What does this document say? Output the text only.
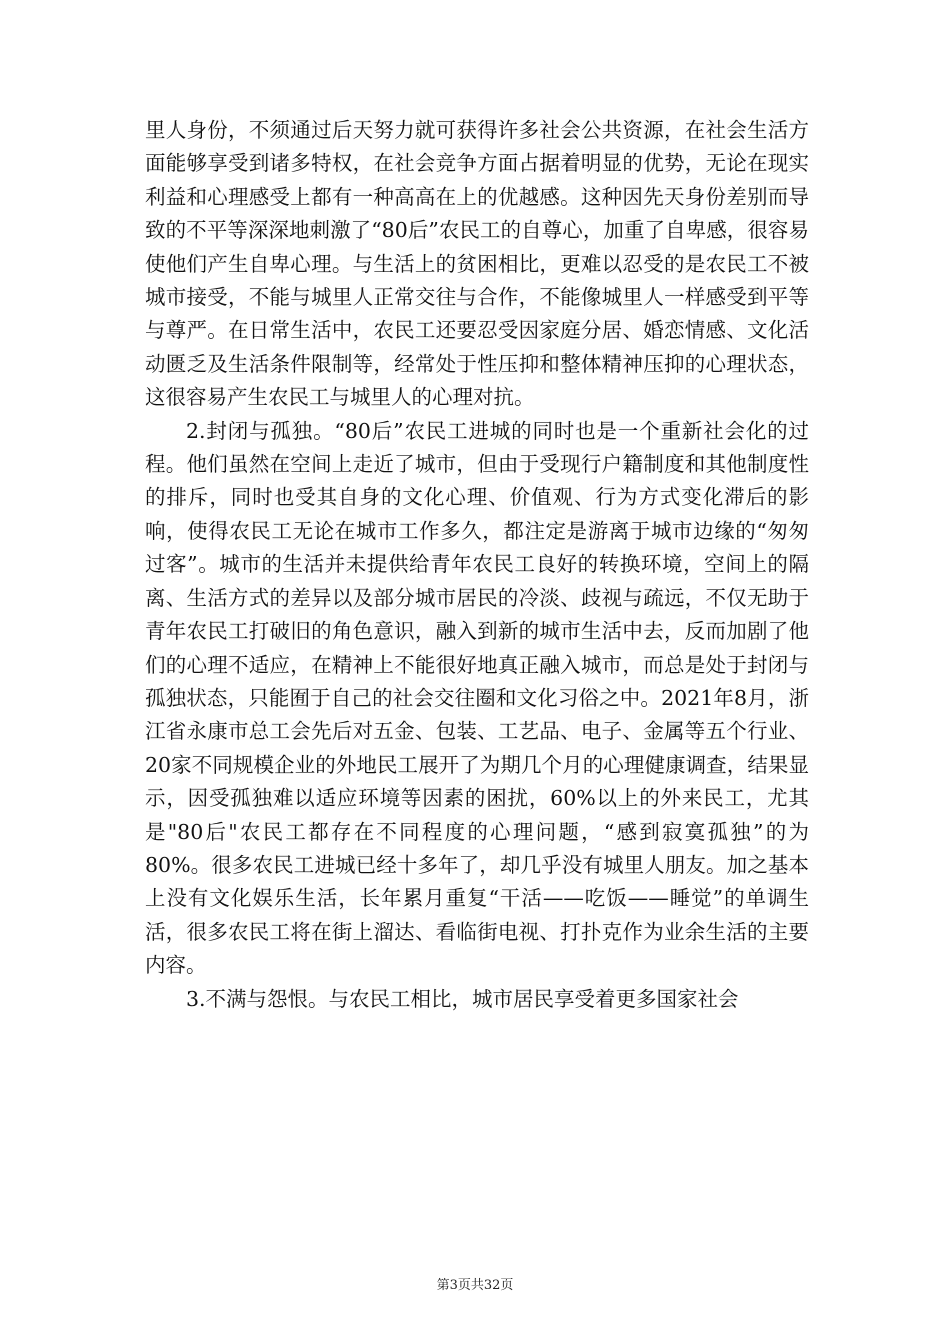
里人身份，不须通过后天努力就可获得许多社会公共资源，在社会生活方面能够享受到诸多特权，在社会竞争方面占据着明显的优势，无论在现实利益和心理感受上都有一种高高在上的优越感。这种因先天身份差别而导致的不平等深深地刺激了“80后”农民工的自尊心，加重了自卑感，很容易使他们产生自卑心理。与生活上的贫困相比，更难以忍受的是农民工不被城市接受，不能与城里人正常交往与合作，不能像城里人一样感受到平等与尊严。在日常生活中，农民工还要忍受因家庭分居、婚恋情感、文化活动匮乏及生活条件限制等，经常处于性压抑和整体精神压抑的心理状态，这很容易产生农民工与城里人的心理对抗。

2.封闭与孤独。“80后”农民工进城的同时也是一个重新社会化的过程。他们虽然在空间上走近了城市，但由于受现行户籍制度和其他制度性的排斥，同时也受其自身的文化心理、价值观、行为方式变化滞后的影响，使得农民工无论在城市工作多久，都注定是游离于城市边缘的“匆匆过客”。城市的生活并未提供给青年农民工良好的转换环境，空间上的隔离、生活方式的差异以及部分城市居民的冷淡、歧视与疏远，不仅无助于青年农民工打破旧的角色意识，融入到新的城市生活中去，反而加剧了他们的心理不适应，在精神上不能很好地真正融入城市，而总是处于封闭与孤独状态，只能囿于自己的社会交往圈和文化习俗之中。2021年8月，浙江省永康市总工会先后对五金、包装、工艺品、电子、金属等五个行业、20家不同规模企业的外地民工展开了为期几个月的心理健康调查，结果显示，因受孤独难以适应环境等因素的困扰，60%以上的外来民工，尤其是"80后"农民工都存在不同程度的心理问题，“感到寂寞孤独”的为80%。很多农民工进城已经十多年了，却几乎没有城里人朋友。加之基本上没有文化娱乐生活，长年累月重复“干活——吃饭——睡觉”的单调生活，很多农民工将在街上溜达、看临街电视、打扑克作为业余生活的主要内容。

3.不满与怨恨。与农民工相比，城市居民享受着更多国家社会

第3页共32页
